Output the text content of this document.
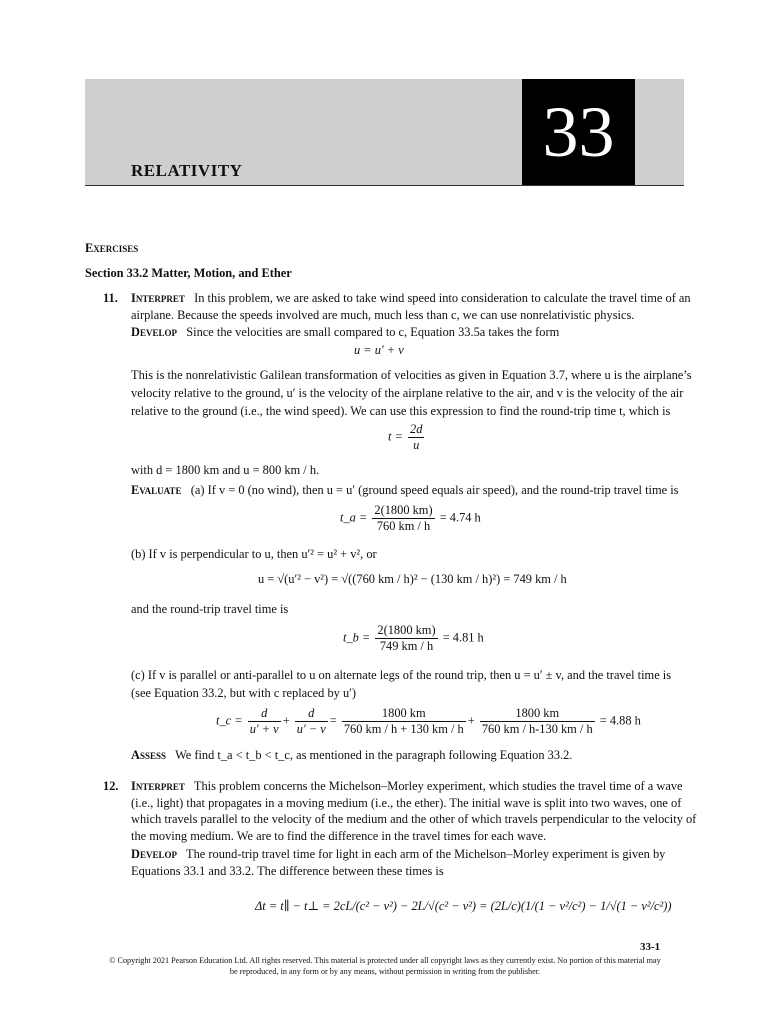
33
RELATIVITY
Exercises
Section 33.2 Matter, Motion, and Ether
11. Interpret In this problem, we are asked to take wind speed into consideration to calculate the travel time of an
airplane. Because the speeds involved are much, much less than c, we can use nonrelativistic physics.
Develop Since the velocities are small compared to c, Equation 33.5a takes the form
u = u′ + v
This is the nonrelativistic Galilean transformation of velocities as given in Equation 3.7, where u is the airplane’s
velocity relative to the ground, u′ is the velocity of the airplane relative to the air, and v is the velocity of the air
relative to the ground (i.e., the wind speed). We can use this expression to find the round-trip time t, which is
$t = \frac{2d}{u}$
with d = 1800 km and u = 800 km / h.
Evaluate (a) If v = 0 (no wind), then u = u′ (ground speed equals air speed), and the round-trip travel time is
t_a = $\frac{2(1800 km)}{760 km / h} = 4.74$ h
(b) If v is perpendicular to u, then u′² = u² + v², or
u = √(u′² − v²) = √((760 km / h)² − (130 km / h)²) = 749 km / h
and the round-trip travel time is
t_b = $\frac{2(1800 km)}{749 km / h} = 4.81$ h
(c) If v is parallel or anti-parallel to u on alternate legs of the round trip, then u = u′ ± v, and the travel time is
(see Equation 33.2, but with c replaced by u′)
t_c = $\frac{d}{u' + v} + \frac{d}{u' - v} = \frac{1800 km}{760 km / h + 130 km / h} + \frac{1800 km}{760 km / h-130 km / h} = 4.88$ h
Assess We find t_a < t_b < t_c, as mentioned in the paragraph following Equation 33.2.
12. Interpret This problem concerns the Michelson–Morley experiment, which studies the travel time of a wave
(i.e., light) that propagates in a moving medium (i.e., the ether). The initial wave is split into two waves, one of
which travels parallel to the velocity of the medium and the other of which travels perpendicular to the velocity of
the moving medium. We are to find the difference in the travel times for each wave.
Develop The round-trip travel time for light in each arm of the Michelson–Morley experiment is given by
Equations 33.1 and 33.2. The difference between these times is
Δt = t∥ − t⊥ = 2cL/(c² − v²) − 2L/√(c² − v²) = (2L/c)(1/(1 − v²/c²) − 1/√(1 − v²/c²))
33-1
© Copyright 2021 Pearson Education Ltd. All rights reserved. This material is protected under all copyright laws as they currently exist. No portion of this material may
be reproduced, in any form or by any means, without permission in writing from the publisher.
